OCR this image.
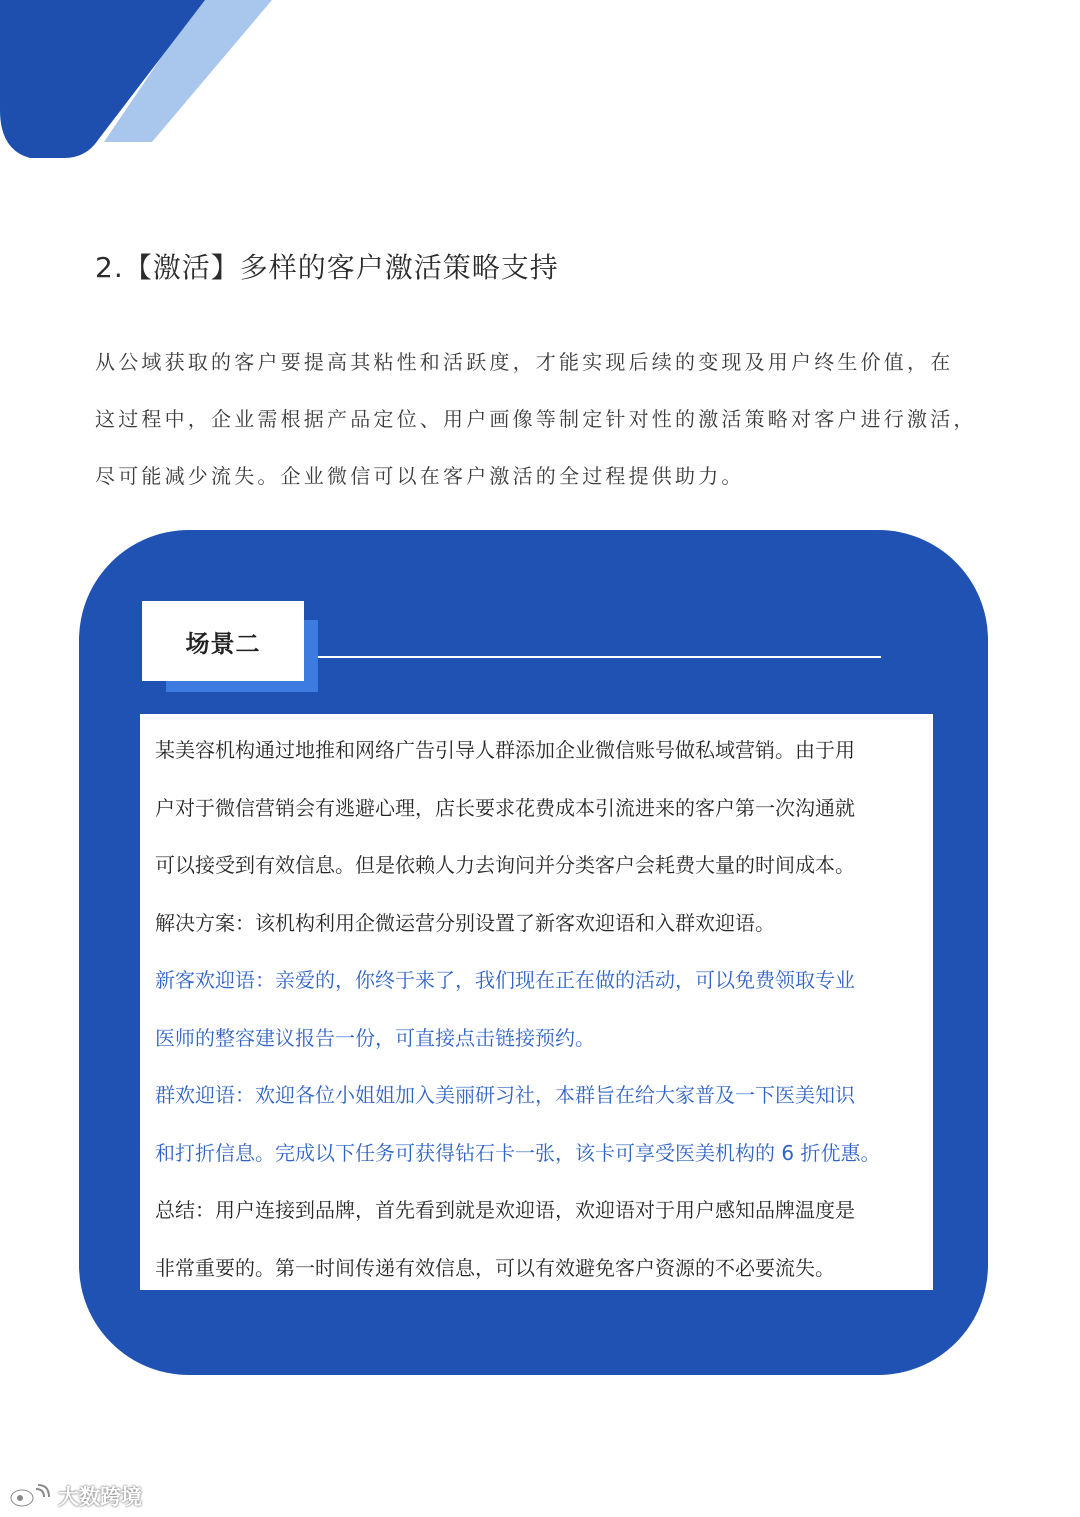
2.【激活】多样的客户激活策略支持

从公域获取的客户要提高其粘性和活跃度，才能实现后续的变现及用户终生价值，在

这过程中，企业需根据产品定位、用户画像等制定针对性的激活策略对客户进行激活，

尽可能减少流失。企业微信可以在客户激活的全过程提供助力。

场景二

某美容机构通过地推和网络广告引导人群添加企业微信账号做私域营销。由于用

户对于微信营销会有逃避心理，店长要求花费成本引流进来的客户第一次沟通就

可以接受到有效信息。但是依赖人力去询问并分类客户会耗费大量的时间成本。

解决方案：该机构利用企微运营分别设置了新客欢迎语和入群欢迎语。

新客欢迎语：亲爱的，你终于来了，我们现在正在做的活动，可以免费领取专业

医师的整容建议报告一份，可直接点击链接预约。

群欢迎语：欢迎各位小姐姐加入美丽研习社，本群旨在给大家普及一下医美知识

和打折信息。完成以下任务可获得钻石卡一张，该卡可享受医美机构的 6 折优惠。

总结：用户连接到品牌，首先看到就是欢迎语，欢迎语对于用户感知品牌温度是

非常重要的。第一时间传递有效信息，可以有效避免客户资源的不必要流失。

大数跨境
